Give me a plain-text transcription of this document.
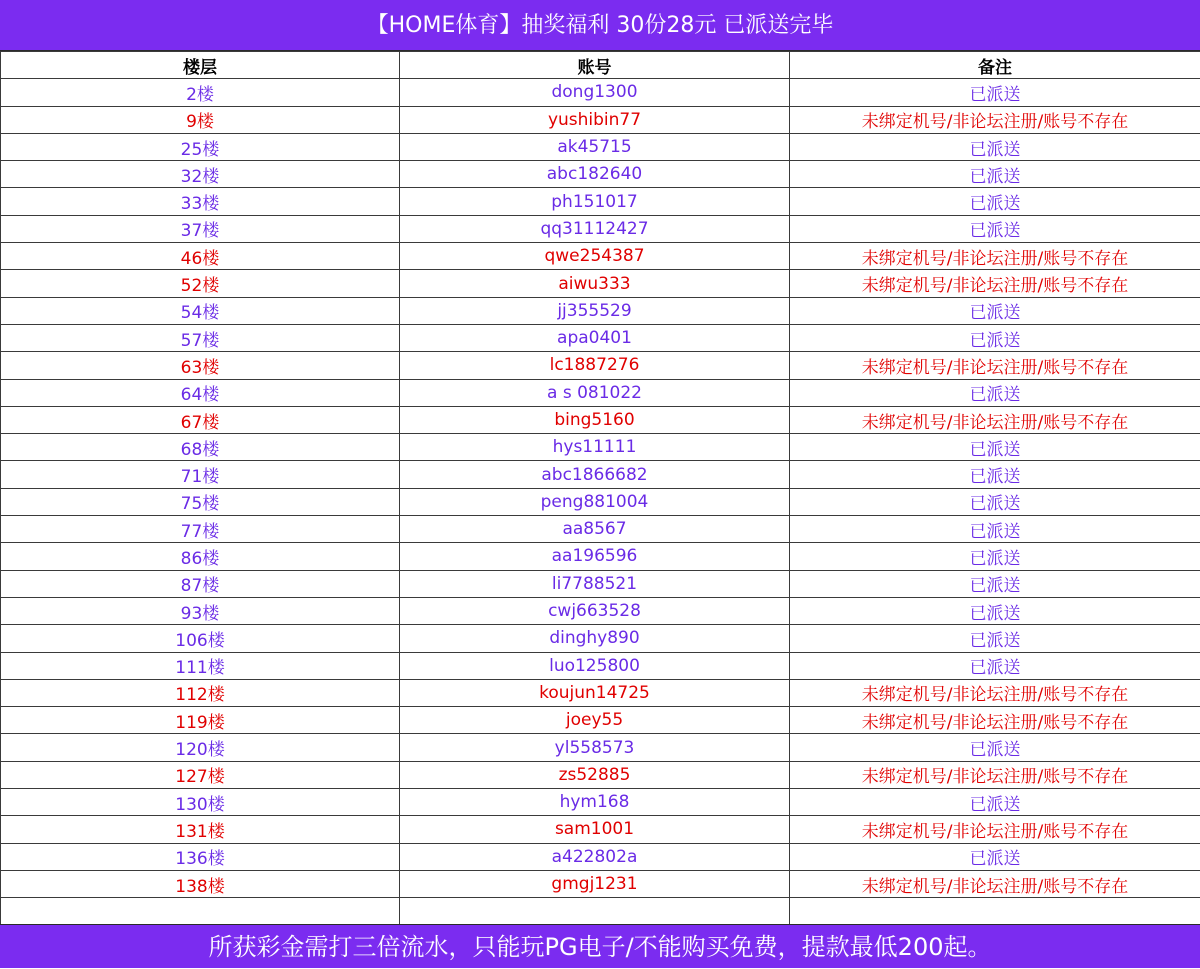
【HOME体育】抽奖福利 30份28元 已派送完毕
楼层	账号	备注
2楼	dong1300	已派送
9楼	yushibin77	未绑定机号/非论坛注册/账号不存在
25楼	ak45715	已派送
32楼	abc182640	已派送
33楼	ph151017	已派送
37楼	qq31112427	已派送
46楼	qwe254387	未绑定机号/非论坛注册/账号不存在
52楼	aiwu333	未绑定机号/非论坛注册/账号不存在
54楼	jj355529	已派送
57楼	apa0401	已派送
63楼	lc1887276	未绑定机号/非论坛注册/账号不存在
64楼	a s 081022	已派送
67楼	bing5160	未绑定机号/非论坛注册/账号不存在
68楼	hys11111	已派送
71楼	abc1866682	已派送
75楼	peng881004	已派送
77楼	aa8567	已派送
86楼	aa196596	已派送
87楼	li7788521	已派送
93楼	cwj663528	已派送
106楼	dinghy890	已派送
111楼	luo125800	已派送
112楼	koujun14725	未绑定机号/非论坛注册/账号不存在
119楼	joey55	未绑定机号/非论坛注册/账号不存在
120楼	yl558573	已派送
127楼	zs52885	未绑定机号/非论坛注册/账号不存在
130楼	hym168	已派送
131楼	sam1001	未绑定机号/非论坛注册/账号不存在
136楼	a422802a	已派送
138楼	gmgj1231	未绑定机号/非论坛注册/账号不存在

所获彩金需打三倍流水，只能玩PG电子/不能购买免费，提款最低200起。
